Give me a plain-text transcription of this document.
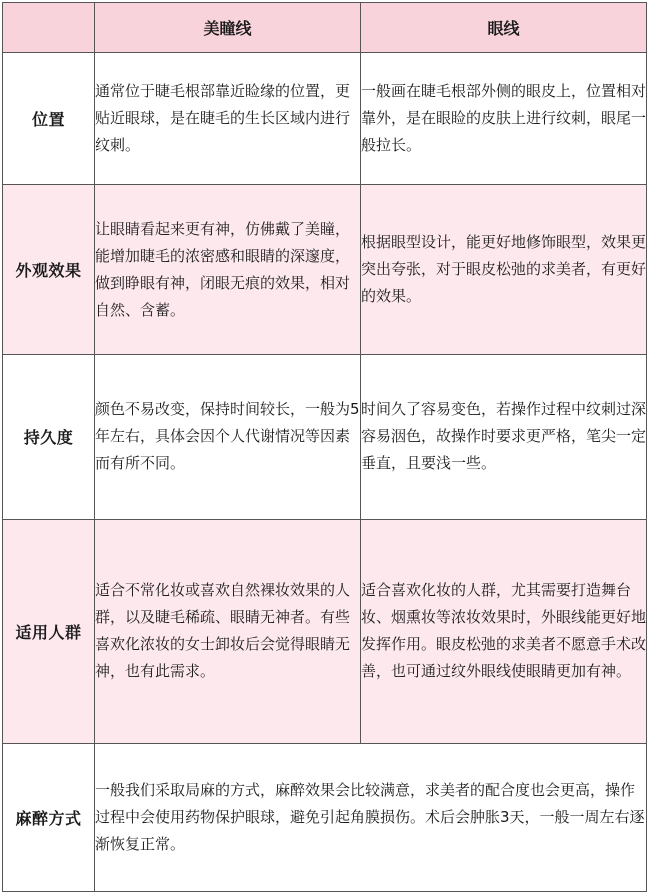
	美瞳线	眼线
位置	通常位于睫毛根部靠近睑缘的位置，更贴近眼球，是在睫毛的生长区域内进行纹刺。	一般画在睫毛根部外侧的眼皮上，位置相对靠外，是在眼睑的皮肤上进行纹刺，眼尾一般拉长。
外观效果	让眼睛看起来更有神，仿佛戴了美瞳，能增加睫毛的浓密感和眼睛的深邃度，做到睁眼有神，闭眼无痕的效果，相对自然、含蓄。	根据眼型设计，能更好地修饰眼型，效果更突出夸张，对于眼皮松弛的求美者，有更好的效果。
持久度	颜色不易改变，保持时间较长，一般为5年左右，具体会因个人代谢情况等因素而有所不同。	时间久了容易变色，若操作过程中纹刺过深容易洇色，故操作时要求更严格，笔尖一定垂直，且要浅一些。
适用人群	适合不常化妆或喜欢自然裸妆效果的人群，以及睫毛稀疏、眼睛无神者。有些喜欢化浓妆的女士卸妆后会觉得眼睛无神，也有此需求。	适合喜欢化妆的人群，尤其需要打造舞台妆、烟熏妆等浓妆效果时，外眼线能更好地发挥作用。眼皮松弛的求美者不愿意手术改善，也可通过纹外眼线使眼睛更加有神。
麻醉方式	一般我们采取局麻的方式，麻醉效果会比较满意，求美者的配合度也会更高，操作过程中会使用药物保护眼球，避免引起角膜损伤。术后会肿胀3天，一般一周左右逐渐恢复正常。	
